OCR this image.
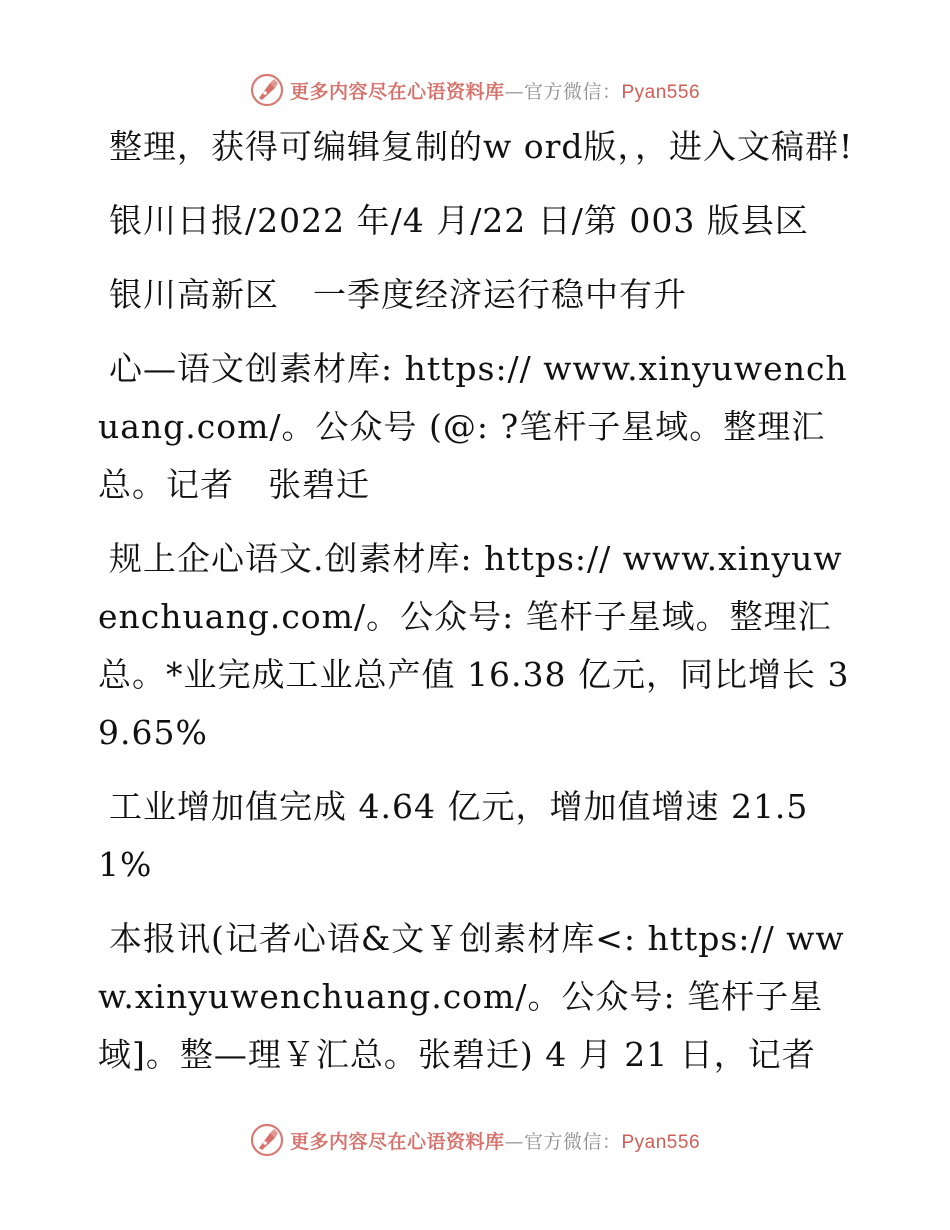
更多内容尽在心语资料库—官方微信：Pyan556

整理，获得可编辑复制的w ord版，，进入文稿群!

银川日报/2022 年/4 月/22 日/第 003 版县区

银川高新区　一季度经济运行稳中有升

心—语文创素材库: https:// www.xinyuwenchuang.com/。公众号 (@: ?笔杆子星域。整理汇总。记者　张碧迁

规上企心语文.创素材库: https:// www.xinyuwenchuang.com/。公众号: 笔杆子星域。整理汇总。*业完成工业总产值 16.38 亿元，同比增长 39.65%

工业增加值完成 4.64 亿元，增加值增速 21.51%

本报讯(记者心语&文￥创素材库<: https:// www.xinyuwenchuang.com/。公众号: 笔杆子星域]。整—理￥汇总。张碧迁) 4 月 21 日，记者

更多内容尽在心语资料库—官方微信：Pyan556
